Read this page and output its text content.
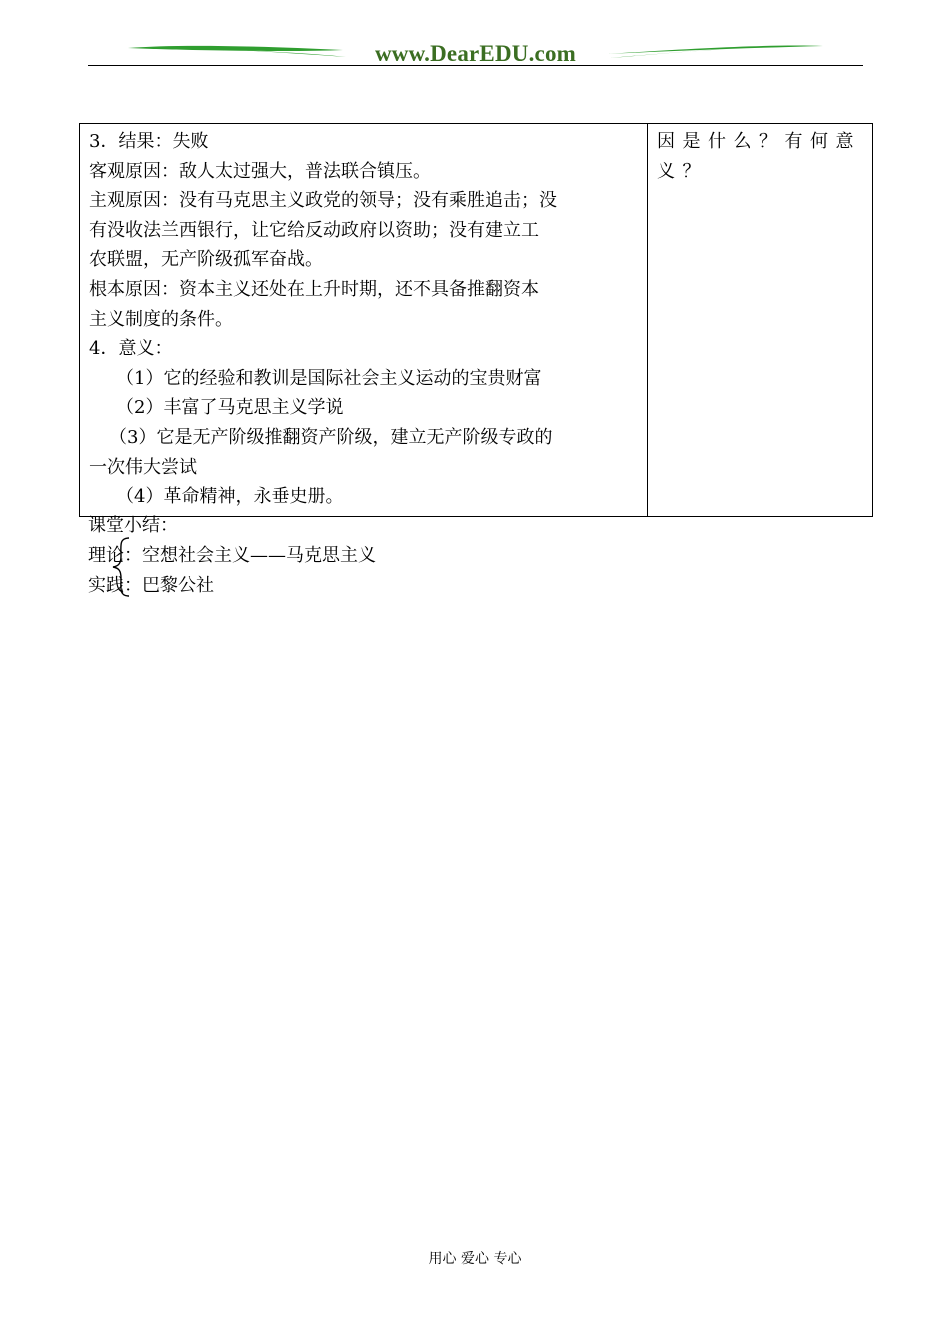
www.DearEDU.com
3．结果：失败
客观原因：敌人太过强大，普法联合镇压。
主观原因：没有马克思主义政党的领导；没有乘胜追击；没
有没收法兰西银行，让它给反动政府以资助；没有建立工
农联盟，无产阶级孤军奋战。
根本原因：资本主义还处在上升时期，还不具备推翻资本
主义制度的条件。
4．意义：
（1）它的经验和教训是国际社会主义运动的宝贵财富
（2）丰富了马克思主义学说
（3）它是无产阶级推翻资产阶级，建立无产阶级专政的
一次伟大尝试
（4）革命精神，永垂史册。

因是什么？有何意
义？
课堂小结：
理论：空想社会主义——马克思主义
实践：巴黎公社
用心 爱心 专心
